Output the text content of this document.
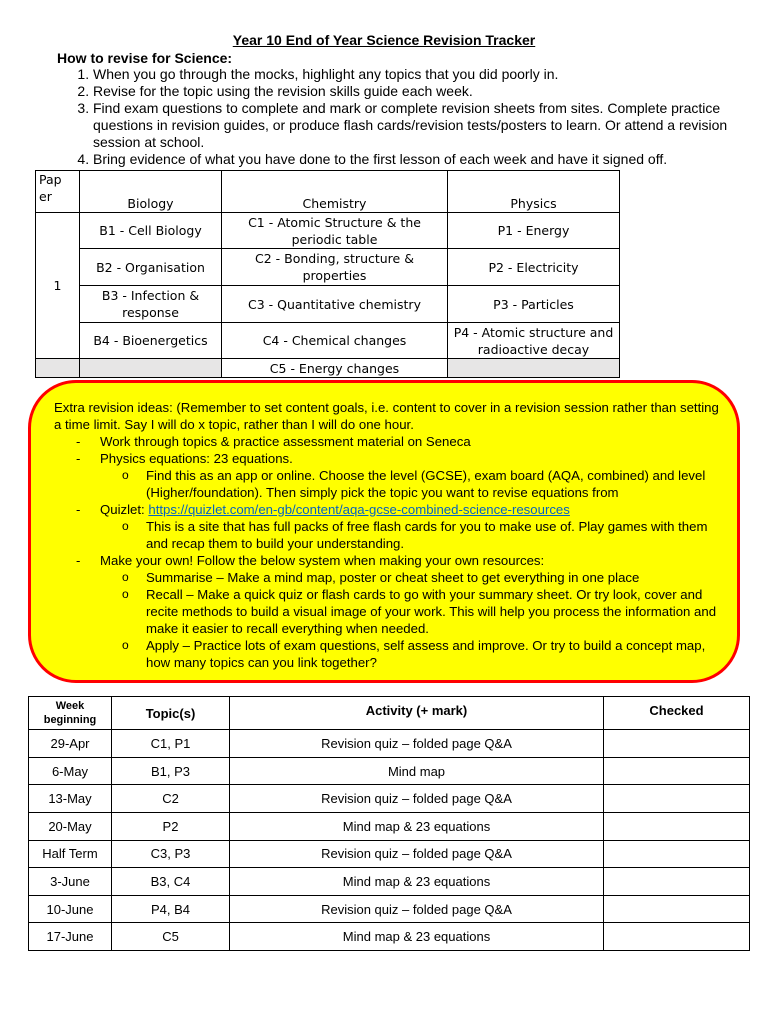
Year 10 End of Year Science Revision Tracker
How to revise for Science:
1. When you go through the mocks, highlight any topics that you did poorly in.
2. Revise for the topic using the revision skills guide each week.
3. Find exam questions to complete and mark or complete revision sheets from sites. Complete practice questions in revision guides, or produce flash cards/revision tests/posters to learn. Or attend a revision session at school.
4. Bring evidence of what you have done to the first lesson of each week and have it signed off.
Pap er	Biology	Chemistry	Physics
1	B1 - Cell Biology	C1 - Atomic Structure & the periodic table	P1 - Energy
	B2 - Organisation	C2 - Bonding, structure & properties	P2 - Electricity
	B3 - Infection & response	C3 - Quantitative chemistry	P3 - Particles
	B4 - Bioenergetics	C4 - Chemical changes	P4 - Atomic structure and radioactive decay
		C5 - Energy changes	
Extra revision ideas: (Remember to set content goals, i.e. content to cover in a revision session rather than setting a time limit. Say I will do x topic, rather than I will do one hour.
- Work through topics & practice assessment material on Seneca
- Physics equations: 23 equations.
o Find this as an app or online. Choose the level (GCSE), exam board (AQA, combined) and level (Higher/foundation). Then simply pick the topic you want to revise equations from
- Quizlet: https://quizlet.com/en-gb/content/aqa-gcse-combined-science-resources
o This is a site that has full packs of free flash cards for you to make use of. Play games with them and recap them to build your understanding.
- Make your own! Follow the below system when making your own resources:
o Summarise – Make a mind map, poster or cheat sheet to get everything in one place
o Recall – Make a quick quiz or flash cards to go with your summary sheet. Or try look, cover and recite methods to build a visual image of your work. This will help you process the information and make it easier to recall everything when needed.
o Apply – Practice lots of exam questions, self assess and improve. Or try to build a concept map, how many topics can you link together?
Week beginning	Topic(s)	Activity (+ mark)	Checked
29-Apr	C1, P1	Revision quiz – folded page Q&A	
6-May	B1, P3	Mind map	
13-May	C2	Revision quiz – folded page Q&A	
20-May	P2	Mind map & 23 equations	
Half Term	C3, P3	Revision quiz – folded page Q&A	
3-June	B3, C4	Mind map & 23 equations	
10-June	P4, B4	Revision quiz – folded page Q&A	
17-June	C5	Mind map & 23 equations	
